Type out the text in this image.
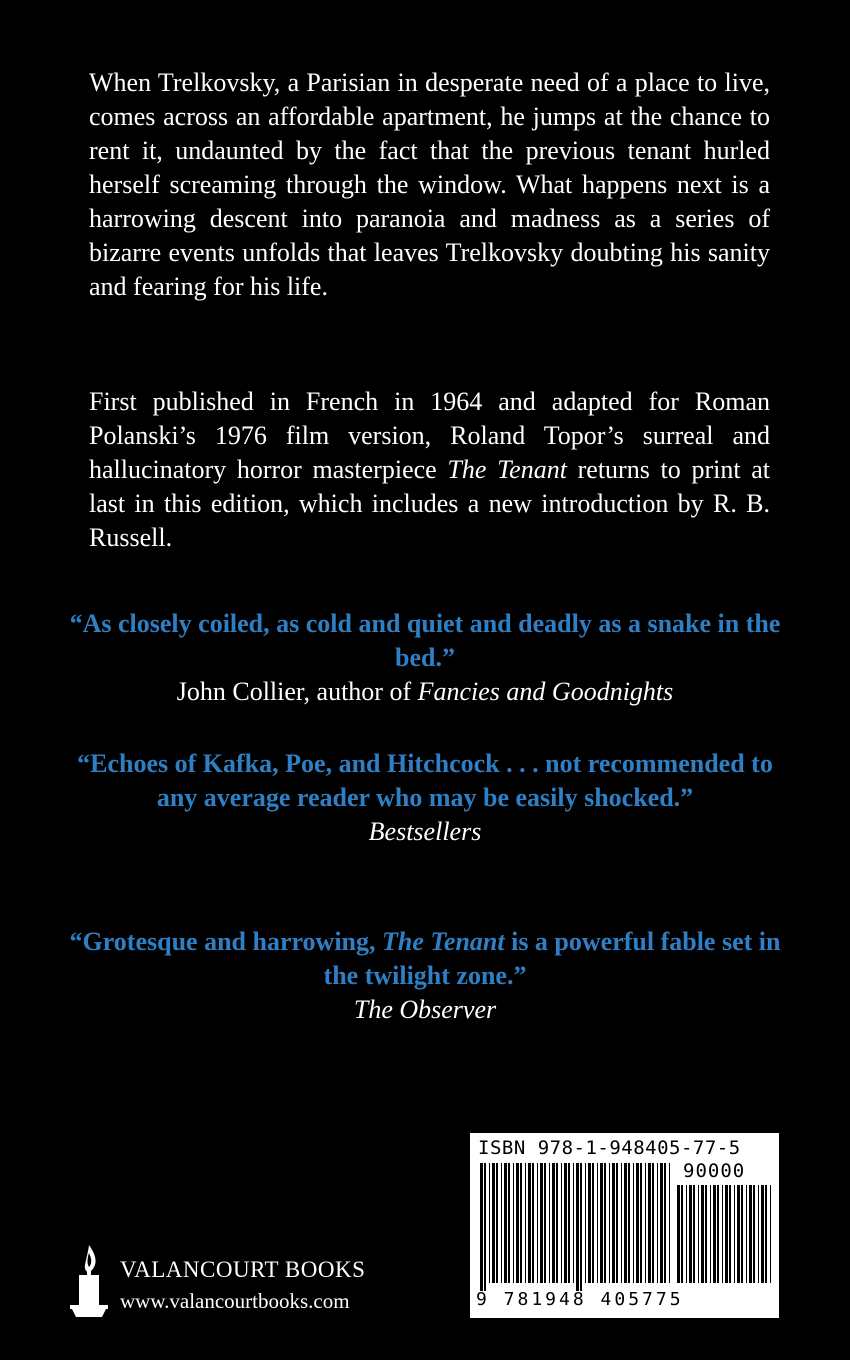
When Trelkovsky, a Parisian in desperate need of a place to live, comes across an affordable apartment, he jumps at the chance to rent it, undaunted by the fact that the previous tenant hurled herself screaming through the window. What happens next is a harrowing descent into paranoia and madness as a series of bizarre events unfolds that leaves Trelkovsky doubting his sanity and fearing for his life.

First published in French in 1964 and adapted for Roman Polanski’s 1976 film version, Roland Topor’s surreal and hallucinatory horror masterpiece The Tenant returns to print at last in this edition, which includes a new introduction by R. B. Russell.

“As closely coiled, as cold and quiet and deadly as a snake in the bed.”

John Collier, author of Fancies and Goodnights

“Echoes of Kafka, Poe, and Hitchcock . . . not recommended to any average reader who may be easily shocked.”

Bestsellers

“Grotesque and harrowing, The Tenant is a powerful fable set in the twilight zone.”

The Observer

ISBN 978-1-948405-77-5
90000
9 781948 405775
VALANCOURT BOOKS
www.valancourtbooks.com
